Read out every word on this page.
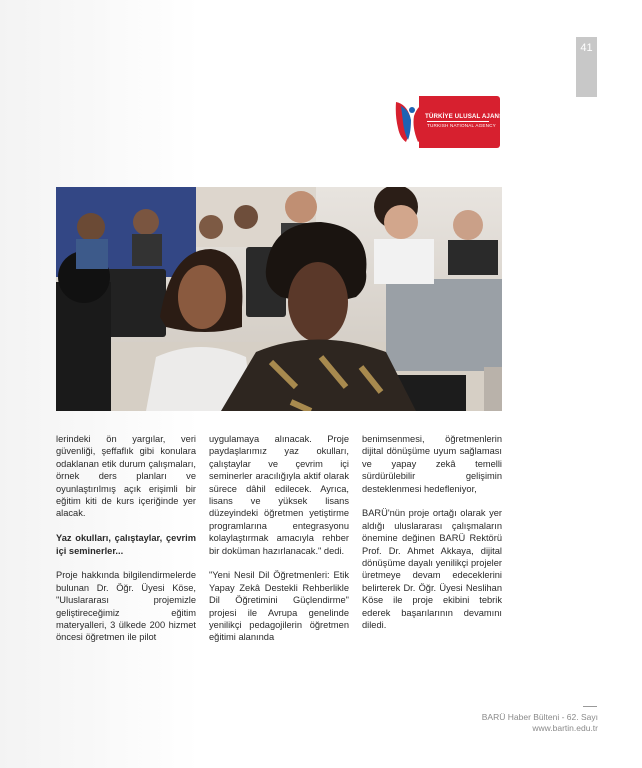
41
TÜRKİYE ULUSAL AJANSI
TURKISH NATIONAL AGENCY

lerindeki ön yargılar, veri güvenliği, şeffaflık gibi konulara odaklanan etik durum çalışmaları, örnek ders planları ve oyunlaştırılmış açık erişimli bir eğitim kiti de kurs içeriğinde yer alacak.

Yaz okulları, çalıştaylar, çevrim içi seminerler...

Proje hakkında bilgilendirmelerde bulunan Dr. Öğr. Üyesi Köse, "Uluslararası projemizle geliştireceğimiz eğitim materyalleri, 3 ülkede 200 hizmet öncesi öğretmen ile pilot

uygulamaya alınacak. Proje paydaşlarımız yaz okulları, çalıştaylar ve çevrim içi seminerler aracılığıyla aktif olarak sürece dâhil edilecek. Ayrıca, lisans ve yüksek lisans düzeyindeki öğretmen yetiştirme programlarına entegrasyonu kolaylaştırmak amacıyla rehber bir doküman hazırlanacak." dedi.

"Yeni Nesil Dil Öğretmenleri: Etik Yapay Zekâ Destekli Rehberlikle Dil Öğretimini Güçlendirme" projesi ile Avrupa genelinde yenilikçi pedagojilerin öğretmen eğitimi alanında

benimsenmesi, öğretmenlerin dijital dönüşüme uyum sağlaması ve yapay zekâ temelli sürdürülebilir gelişimin desteklenmesi hedefleniyor,

BARÜ'nün proje ortağı olarak yer aldığı uluslararası çalışmaların önemine değinen BARÜ Rektörü Prof. Dr. Ahmet Akkaya, dijital dönüşüme dayalı yenilikçi projeler üretmeye devam edeceklerini belirterek Dr. Öğr. Üyesi Neslihan Köse ile proje ekibini tebrik ederek başarılarının devamını diledi.

BARÜ Haber Bülteni - 62. Sayı
www.bartin.edu.tr
